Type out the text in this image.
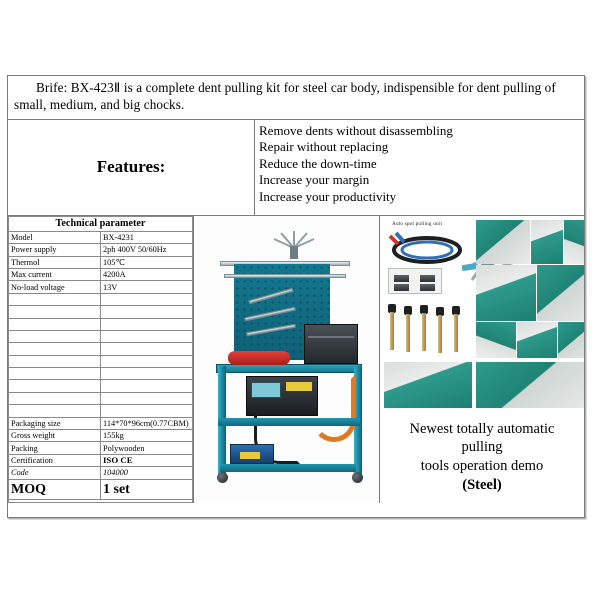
Brife: BX-423Ⅱ is a complete dent pulling kit for steel car body, indispensible for dent pulling of small, medium, and big chocks.
Features:
Remove dents without disassembling
Repair without replacing
Reduce the down-time
Increase your margin
Increase your productivity
Technical parameter	
Model	BX-4231
Power supply	2ph 400V 50/60Hz
Thermol	105℃
Max current	4200A
No-load voltage	13V

Packaging size	114*70*96cm(0.77CBM)
Gross weight	155kg
Packing	Polywooden
Certification	ISO CE
Code	104000
MOQ	1 set
Auto spot pulling unit
Newest totally automatic pulling
tools operation demo
(Steel)
